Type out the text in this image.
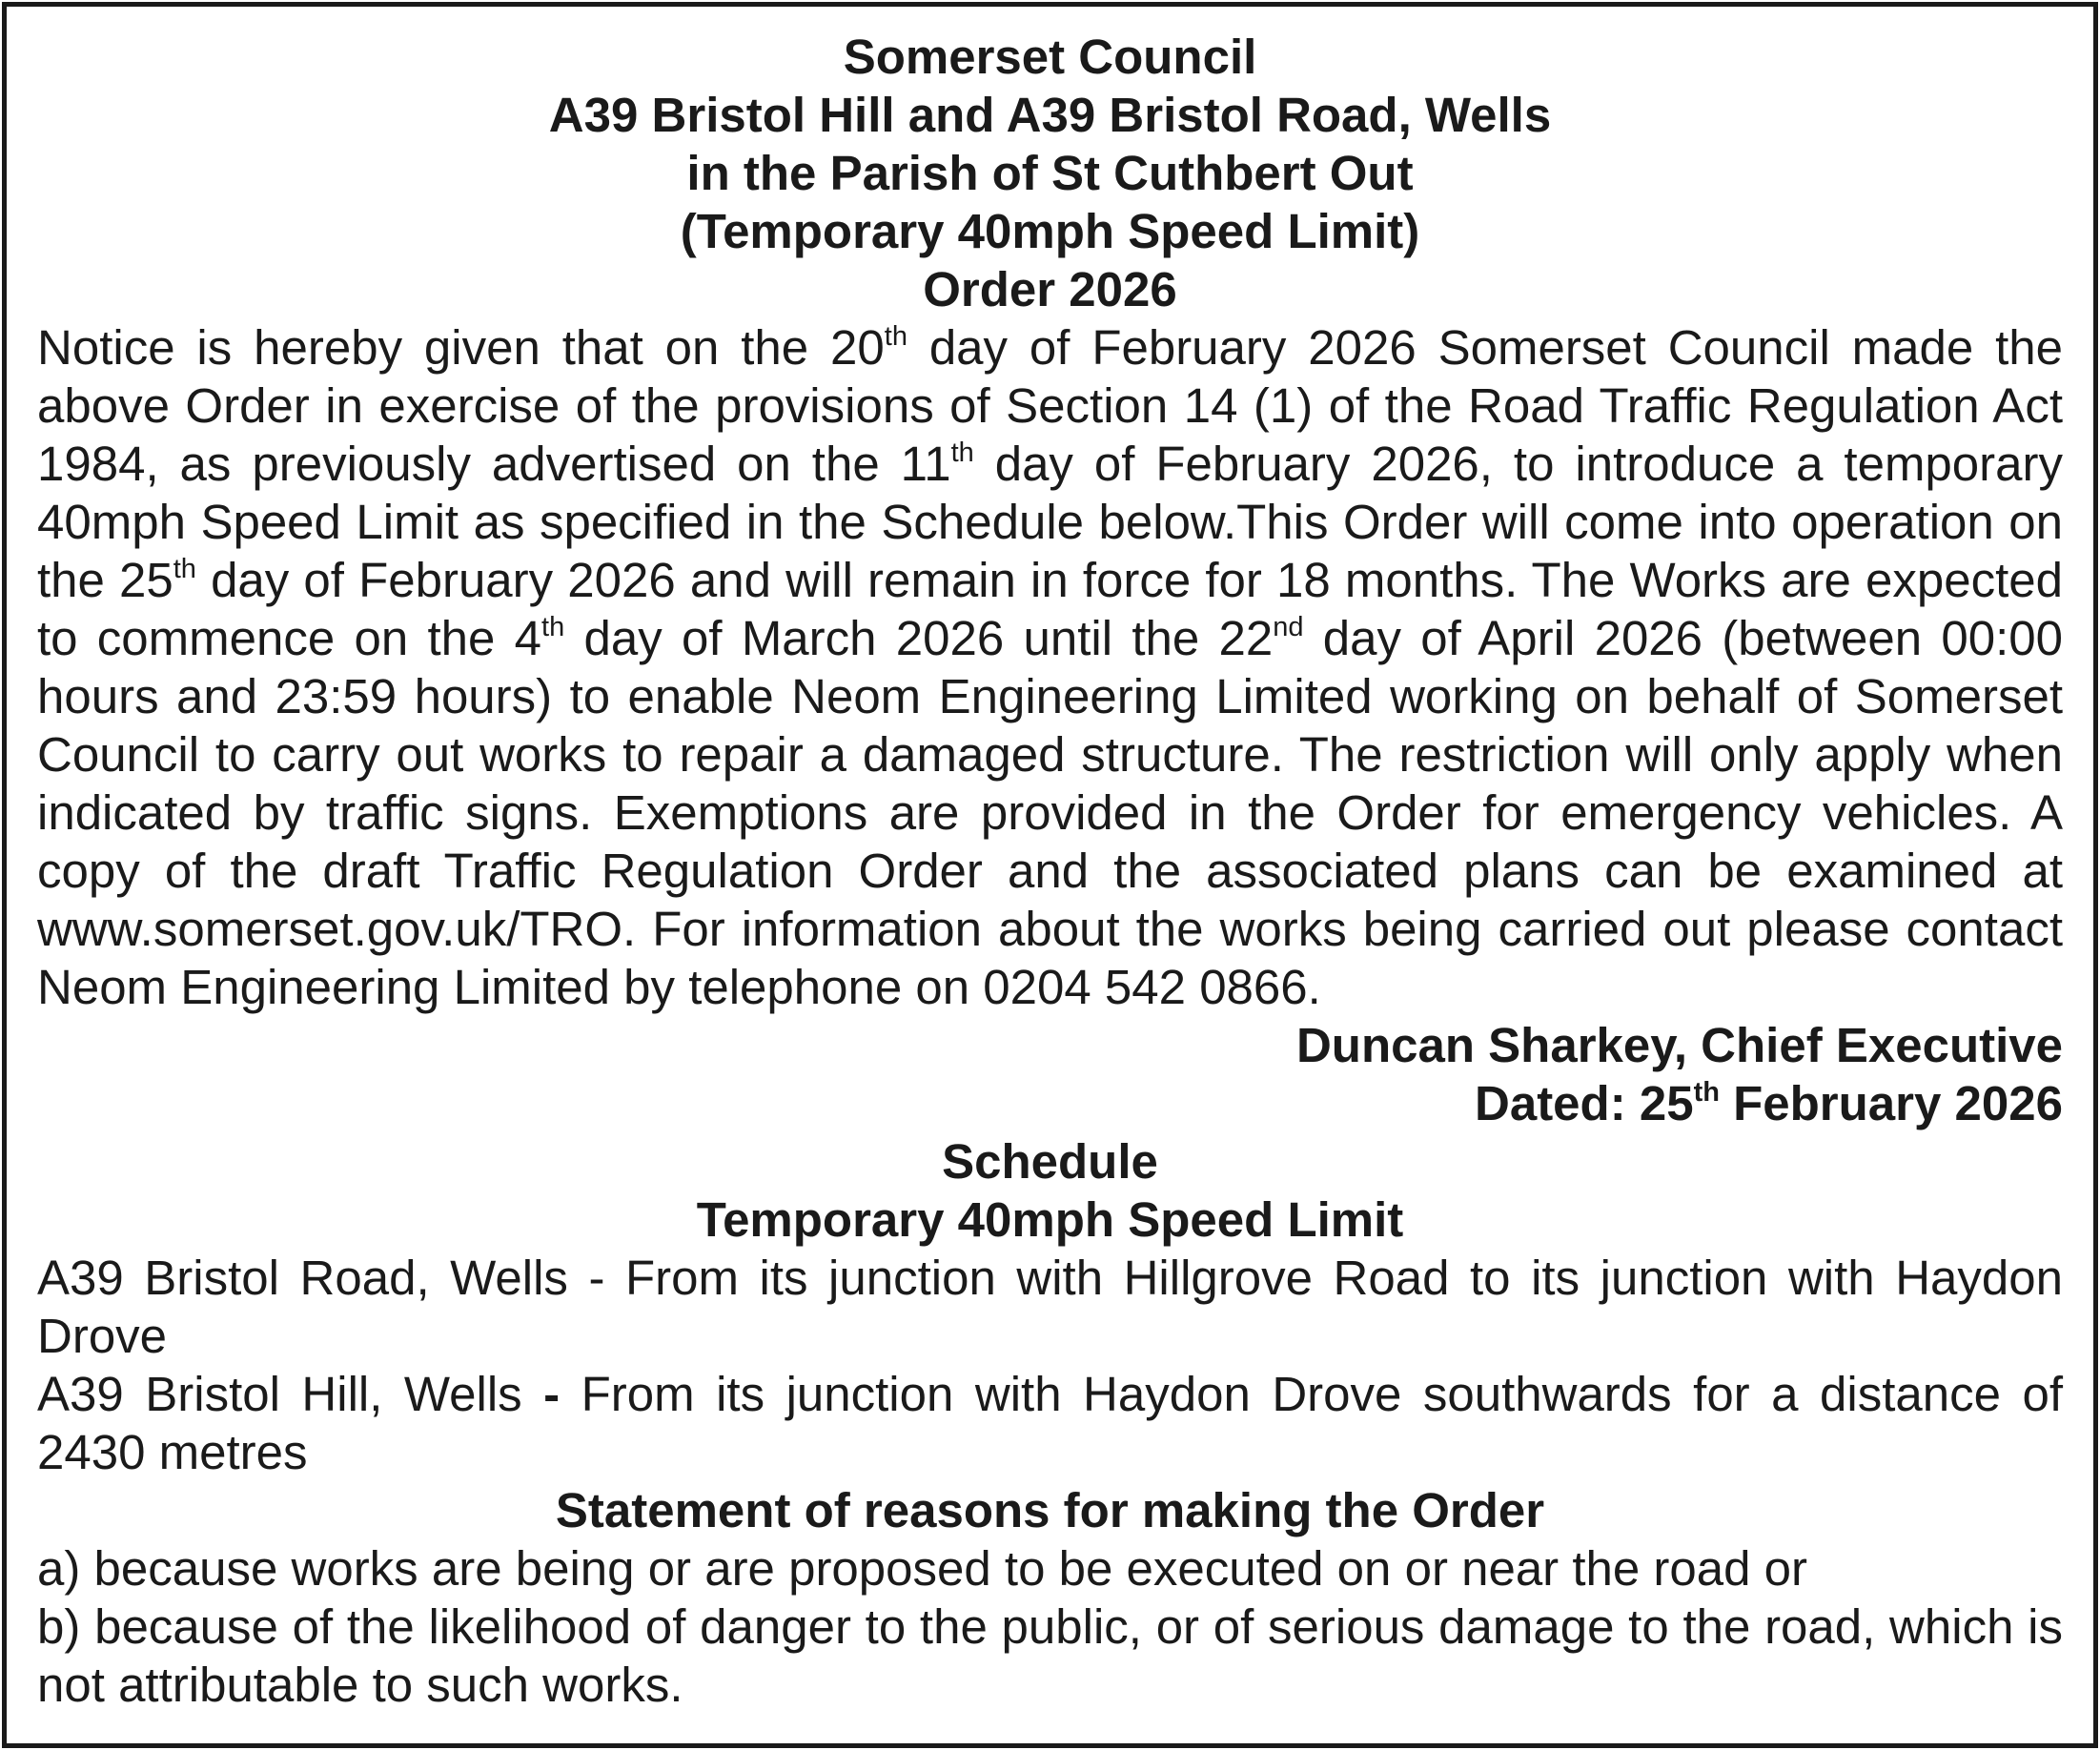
Somerset Council

A39 Bristol Hill and A39 Bristol Road, Wells

in the Parish of St Cuthbert Out

(Temporary 40mph Speed Limit)

Order 2026

Notice is hereby given that on the 20th day of February 2026 Somerset Council made the above Order in exercise of the provisions of Section 14 (1) of the Road Traffic Regulation Act 1984, as previously advertised on the 11th day of February 2026, to introduce a temporary 40mph Speed Limit as specified in the Schedule below.This Order will come into operation on the 25th day of February 2026 and will remain in force for 18 months. The Works are expected to commence on the 4th day of March 2026 until the 22nd day of April 2026 (between 00:00 hours and 23:59 hours) to enable Neom Engineering Limited working on behalf of Somerset Council to carry out works to repair a damaged structure. The restriction will only apply when indicated by traffic signs. Exemptions are provided in the Order for emergency vehicles. A copy of the draft Traffic Regulation Order and the associated plans can be examined at www.somerset.gov.uk/TRO. For information about the works being carried out please contact Neom Engineering Limited by telephone on 0204 542 0866.

Duncan Sharkey, Chief Executive

Dated: 25th February 2026

Schedule

Temporary 40mph Speed Limit

A39 Bristol Road, Wells - From its junction with Hillgrove Road to its junction with Haydon Drove

A39 Bristol Hill, Wells - From its junction with Haydon Drove southwards for a distance of 2430 metres

Statement of reasons for making the Order

a) because works are being or are proposed to be executed on or near the road or

b) because of the likelihood of danger to the public, or of serious damage to the road, which is not attributable to such works.
